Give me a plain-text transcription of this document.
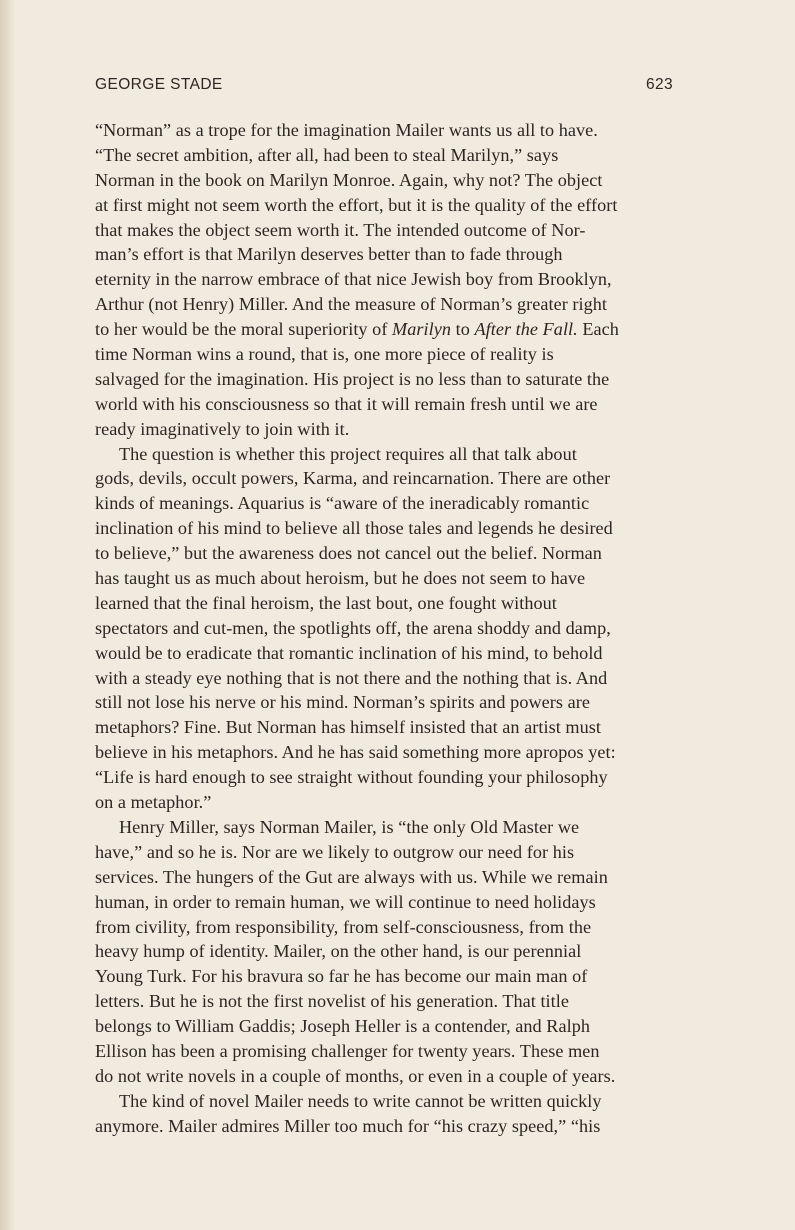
GEORGE STADE	623
“Norman” as a trope for the imagination Mailer wants us all to have.
“The secret ambition, after all, had been to steal Marilyn,” says
Norman in the book on Marilyn Monroe. Again, why not? The object
at first might not seem worth the effort, but it is the quality of the effort
that makes the object seem worth it. The intended outcome of Nor-
man’s effort is that Marilyn deserves better than to fade through
eternity in the narrow embrace of that nice Jewish boy from Brooklyn,
Arthur (not Henry) Miller. And the measure of Norman’s greater right
to her would be the moral superiority of Marilyn to After the Fall. Each
time Norman wins a round, that is, one more piece of reality is
salvaged for the imagination. His project is no less than to saturate the
world with his consciousness so that it will remain fresh until we are
ready imaginatively to join with it.
The question is whether this project requires all that talk about
gods, devils, occult powers, Karma, and reincarnation. There are other
kinds of meanings. Aquarius is “aware of the ineradicably romantic
inclination of his mind to believe all those tales and legends he desired
to believe,” but the awareness does not cancel out the belief. Norman
has taught us as much about heroism, but he does not seem to have
learned that the final heroism, the last bout, one fought without
spectators and cut-men, the spotlights off, the arena shoddy and damp,
would be to eradicate that romantic inclination of his mind, to behold
with a steady eye nothing that is not there and the nothing that is. And
still not lose his nerve or his mind. Norman’s spirits and powers are
metaphors? Fine. But Norman has himself insisted that an artist must
believe in his metaphors. And he has said something more apropos yet:
“Life is hard enough to see straight without founding your philosophy
on a metaphor.”
Henry Miller, says Norman Mailer, is “the only Old Master we
have,” and so he is. Nor are we likely to outgrow our need for his
services. The hungers of the Gut are always with us. While we remain
human, in order to remain human, we will continue to need holidays
from civility, from responsibility, from self-consciousness, from the
heavy hump of identity. Mailer, on the other hand, is our perennial
Young Turk. For his bravura so far he has become our main man of
letters. But he is not the first novelist of his generation. That title
belongs to William Gaddis; Joseph Heller is a contender, and Ralph
Ellison has been a promising challenger for twenty years. These men
do not write novels in a couple of months, or even in a couple of years.
The kind of novel Mailer needs to write cannot be written quickly
anymore. Mailer admires Miller too much for “his crazy speed,” “his
